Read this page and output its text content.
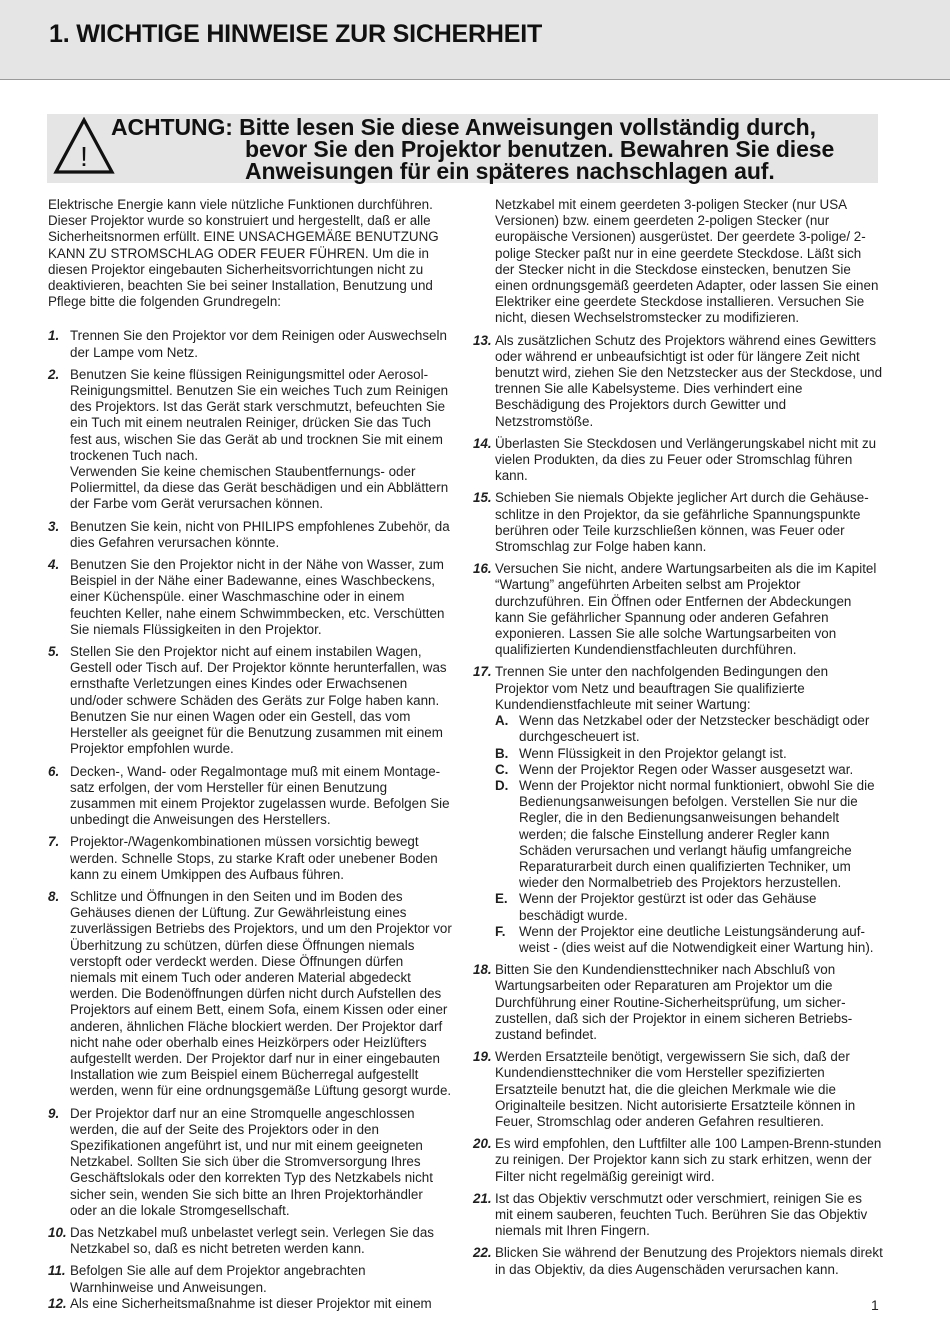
1. WICHTIGE HINWEISE ZUR SICHERHEIT
!
ACHTUNG: Bitte lesen Sie diese Anweisungen vollständig durch,
bevor Sie den Projektor benutzen. Bewahren Sie diese
Anweisungen für ein späteres nachschlagen auf.

Elektrische Energie kann viele nützliche Funktionen durchführen. Dieser Projektor wurde so konstruiert und hergestellt, daß er alle Sicherheitsnormen erfüllt. EINE UNSACHGEMÄßE BENUTZUNG KANN ZU STROMSCHLAG ODER FEUER FÜHREN. Um die in diesen Projektor eingebauten Sicherheitsvorrichtungen nicht zu deaktivieren, beachten Sie bei seiner Installation, Benutzung und Pflege bitte die folgenden Grundregeln:

1. Trennen Sie den Projektor vor dem Reinigen oder Auswechseln der Lampe vom Netz.

2. Benutzen Sie keine flüssigen Reinigungsmittel oder Aerosol-Reinigungsmittel. Benutzen Sie ein weiches Tuch zum Reinigen des Projektors. Ist das Gerät stark verschmutzt, befeuchten Sie ein Tuch mit einem neutralen Reiniger, drücken Sie das Tuch fest aus, wischen Sie das Gerät ab und trocknen Sie mit einem trockenen Tuch nach.

Verwenden Sie keine chemischen Staubentfernungs- oder Poliermittel, da diese das Gerät beschädigen und ein Abblättern der Farbe vom Gerät verursachen können.

3. Benutzen Sie kein, nicht von PHILIPS empfohlenes Zubehör, da dies Gefahren verursachen könnte.

4. Benutzen Sie den Projektor nicht in der Nähe von Wasser, zum Beispiel in der Nähe einer Badewanne, eines Waschbeckens, einer Küchenspüle. einer Waschmaschine oder in einem feuchten Keller, nahe einem Schwimmbecken, etc. Verschütten Sie niemals Flüssigkeiten in den Projektor.

5. Stellen Sie den Projektor nicht auf einem instabilen Wagen, Gestell oder Tisch auf. Der Projektor könnte herunterfallen, was ernsthafte Verletzungen eines Kindes oder Erwachsenen und/oder schwere Schäden des Geräts zur Folge haben kann. Benutzen Sie nur einen Wagen oder ein Gestell, das vom Hersteller als geeignet für die Benutzung zusammen mit einem Projektor empfohlen wurde.

6. Decken-, Wand- oder Regalmontage muß mit einem Montage-satz erfolgen, der vom Hersteller für einen Benutzung zusammen mit einem Projektor zugelassen wurde. Befolgen Sie unbedingt die Anweisungen des Herstellers.

7. Projektor-/Wagenkombinationen müssen vorsichtig bewegt werden. Schnelle Stops, zu starke Kraft oder unebener Boden kann zu einem Umkippen des Aufbaus führen.

8. Schlitze und Öffnungen in den Seiten und im Boden des Gehäuses dienen der Lüftung. Zur Gewährleistung eines zuverlässigen Betriebs des Projektors, und um den Projektor vor Überhitzung zu schützen, dürfen diese Öffnungen niemals verstopft oder verdeckt werden. Diese Öffnungen dürfen niemals mit einem Tuch oder anderen Material abgedeckt werden. Die Bodenöffnungen dürfen nicht durch Aufstellen des Projektors auf einem Bett, einem Sofa, einem Kissen oder einer anderen, ähnlichen Fläche blockiert werden. Der Projektor darf nicht nahe oder oberhalb eines Heizkörpers oder Heizlüfters aufgestellt werden. Der Projektor darf nur in einer eingebauten Installation wie zum Beispiel einem Bücherregal aufgestellt werden, wenn für eine ordnungsgemäße Lüftung gesorgt wurde.

9. Der Projektor darf nur an eine Stromquelle angeschlossen werden, die auf der Seite des Projektors oder in den Spezifikationen angeführt ist, und nur mit einem geeigneten Netzkabel. Sollten Sie sich über die Stromversorgung Ihres Geschäftslokals oder den korrekten Typ des Netzkabels nicht sicher sein, wenden Sie sich bitte an Ihren Projektorhändler oder an die lokale Stromgesellschaft.

10. Das Netzkabel muß unbelastet verlegt sein. Verlegen Sie das Netzkabel so, daß es nicht betreten werden kann.

11. Befolgen Sie alle auf dem Projektor angebrachten Warnhinweise und Anweisungen.

12. Als eine Sicherheitsmaßnahme ist dieser Projektor mit einem

Netzkabel mit einem geerdeten 3-poligen Stecker (nur USA Versionen) bzw. einem geerdeten 2-poligen Stecker (nur europäische Versionen) ausgerüstet. Der geerdete 3-polige/ 2-polige Stecker paßt nur in eine geerdete Steckdose. Läßt sich der Stecker nicht in die Steckdose einstecken, benutzen Sie einen ordnungsgemäß geerdeten Adapter, oder lassen Sie einen Elektriker eine geerdete Steckdose installieren. Versuchen Sie nicht, diesen Wechselstromstecker zu modifizieren.

13. Als zusätzlichen Schutz des Projektors während eines Gewitters oder während er unbeaufsichtigt ist oder für längere Zeit nicht benutzt wird, ziehen Sie den Netzstecker aus der Steckdose, und trennen Sie alle Kabelsysteme. Dies verhindert eine Beschädigung des Projektors durch Gewitter und Netzstromstöße.

14. Überlasten Sie Steckdosen und Verlängerungskabel nicht mit zu vielen Produkten, da dies zu Feuer oder Stromschlag führen kann.

15. Schieben Sie niemals Objekte jeglicher Art durch die Gehäuse-schlitze in den Projektor, da sie gefährliche Spannungspunkte berühren oder Teile kurzschließen können, was Feuer oder Stromschlag zur Folge haben kann.

16. Versuchen Sie nicht, andere Wartungsarbeiten als die im Kapitel “Wartung” angeführten Arbeiten selbst am Projektor durchzuführen. Ein Öffnen oder Entfernen der Abdeckungen kann Sie gefährlicher Spannung oder anderen Gefahren exponieren. Lassen Sie alle solche Wartungsarbeiten von qualifizierten Kundendienstfachleuten durchführen.

17. Trennen Sie unter den nachfolgenden Bedingungen den Projektor vom Netz und beauftragen Sie qualifizierte Kundendienstfachleute mit seiner Wartung:

A. Wenn das Netzkabel oder der Netzstecker beschädigt oder durchgescheuert ist.

B. Wenn Flüssigkeit in den Projektor gelangt ist.

C. Wenn der Projektor Regen oder Wasser ausgesetzt war.

D. Wenn der Projektor nicht normal funktioniert, obwohl Sie die Bedienungsanweisungen befolgen. Verstellen Sie nur die Regler, die in den Bedienungsanweisungen behandelt werden; die falsche Einstellung anderer Regler kann Schäden verursachen und verlangt häufig umfangreiche Reparaturarbeit durch einen qualifizierten Techniker, um wieder den Normalbetrieb des Projektors herzustellen.

E. Wenn der Projektor gestürzt ist oder das Gehäuse beschädigt wurde.

F. Wenn der Projektor eine deutliche Leistungsänderung auf-weist - (dies weist auf die Notwendigkeit einer Wartung hin).

18. Bitten Sie den Kundendiensttechniker nach Abschluß von Wartungsarbeiten oder Reparaturen am Projektor um die Durchführung einer Routine-Sicherheitsprüfung, um sicher-zustellen, daß sich der Projektor in einem sicheren Betriebs-zustand befindet.

19. Werden Ersatzteile benötigt, vergewissern Sie sich, daß der Kundendiensttechniker die vom Hersteller spezifizierten Ersatzteile benutzt hat, die die gleichen Merkmale wie die Originalteile besitzen. Nicht autorisierte Ersatzteile können in Feuer, Stromschlag oder anderen Gefahren resultieren.

20. Es wird empfohlen, den Luftfilter alle 100 Lampen-Brenn-stunden zu reinigen. Der Projektor kann sich zu stark erhitzen, wenn der Filter nicht regelmäßig gereinigt wird.

21. Ist das Objektiv verschmutzt oder verschmiert, reinigen Sie es mit einem sauberen, feuchten Tuch. Berühren Sie das Objektiv niemals mit Ihren Fingern.

22. Blicken Sie während der Benutzung des Projektors niemals direkt in das Objektiv, da dies Augenschäden verursachen kann.

1
